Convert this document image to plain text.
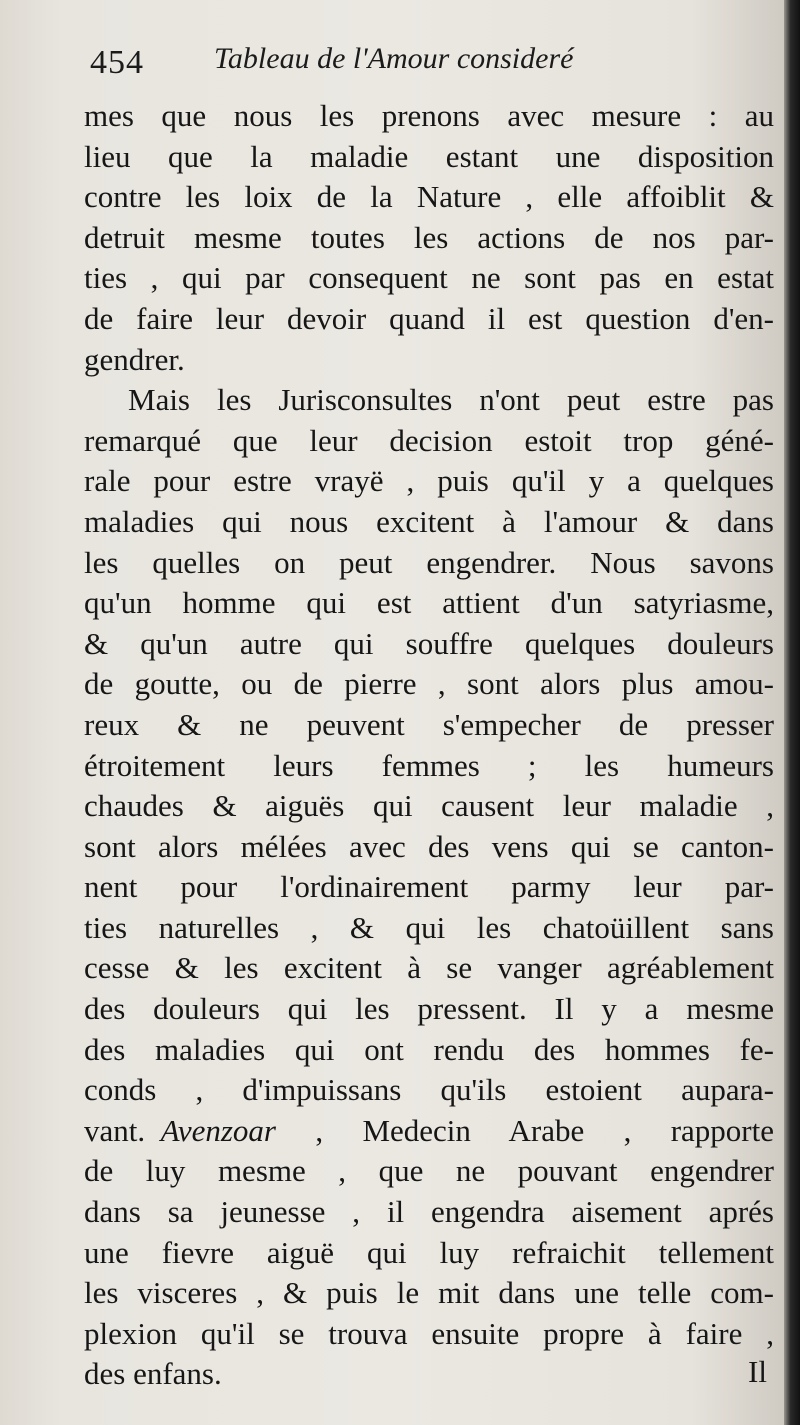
454 Tableau de l'Amour consideré
mes que nous les prenons avec mesure : au
lieu que la maladie estant une disposition
contre les loix de la Nature , elle affoiblit &
detruit mesme toutes les actions de nos par-
ties , qui par consequent ne sont pas en estat
de faire leur devoir quand il est question d'en-
gendrer.
Mais les Jurisconsultes n'ont peut estre pas
remarqué que leur decision estoit trop géné-
rale pour estre vrayë , puis qu'il y a quelques
maladies qui nous excitent à l'amour & dans
les quelles on peut engendrer. Nous savons
qu'un homme qui est attient d'un satyriasme,
& qu'un autre qui souffre quelques douleurs
de goutte, ou de pierre , sont alors plus amou-
reux & ne peuvent s'empecher de presser
étroitement leurs femmes ; les humeurs
chaudes & aiguës qui causent leur maladie ,
sont alors mélées avec des vens qui se canton-
nent pour l'ordinairement parmy leur par-
ties naturelles , & qui les chatoüillent sans
cesse & les excitent à se vanger agréablement
des douleurs qui les pressent. Il y a mesme
des maladies qui ont rendu des hommes fe-
conds , d'impuissans qu'ils estoient aupara-
vant. Avenzoar , Medecin Arabe , rapporte
de luy mesme , que ne pouvant engendrer
dans sa jeunesse , il engendra aisement aprés
une fievre aiguë qui luy refraichit tellement
les visceres , & puis le mit dans une telle com-
plexion qu'il se trouva ensuite propre à faire ,
des enfans.	Il
